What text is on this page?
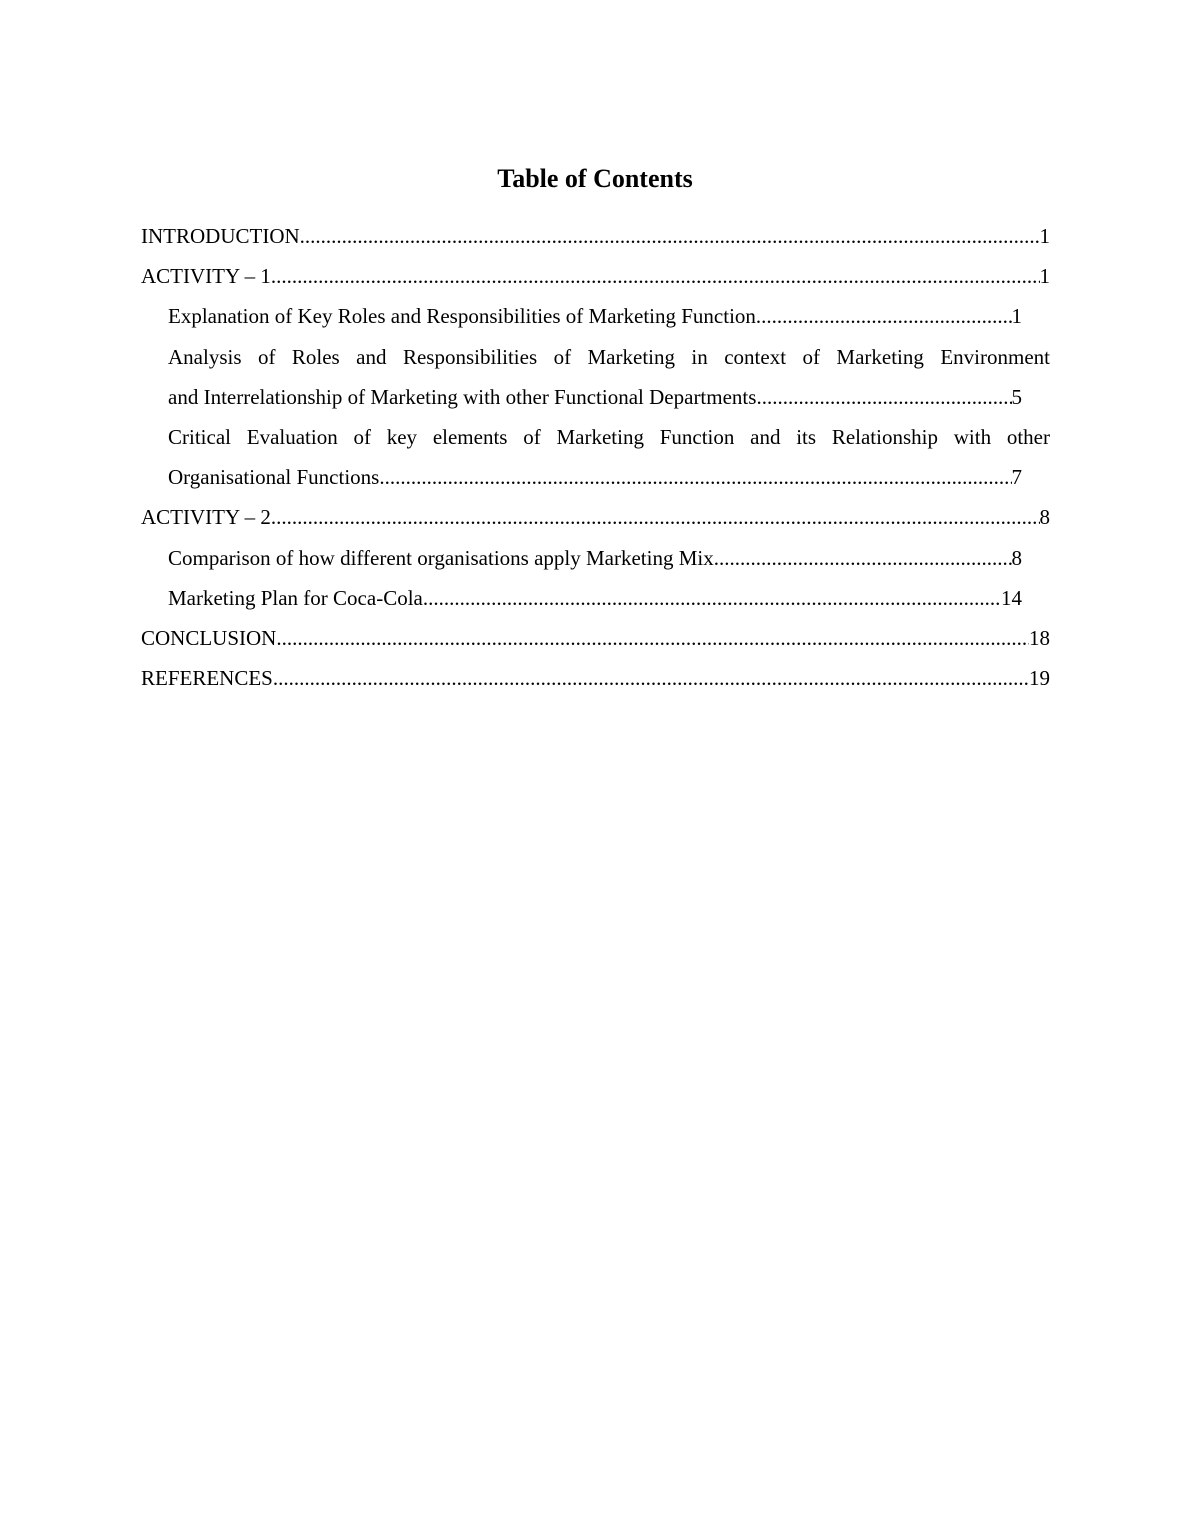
Table of Contents
INTRODUCTION .....	1
ACTIVITY – 1 .....	1
Explanation of Key Roles and Responsibilities of Marketing Function .....	1
Analysis of Roles and Responsibilities of Marketing in context of Marketing Environment
and Interrelationship of Marketing with other Functional Departments .....	5
Critical Evaluation of key elements of Marketing Function and its Relationship with other
Organisational Functions .....	7
ACTIVITY – 2 .....	8
Comparison of how different organisations apply Marketing Mix .....	8
Marketing Plan for Coca-Cola .....	14
CONCLUSION .....	18
REFERENCES .....	19
